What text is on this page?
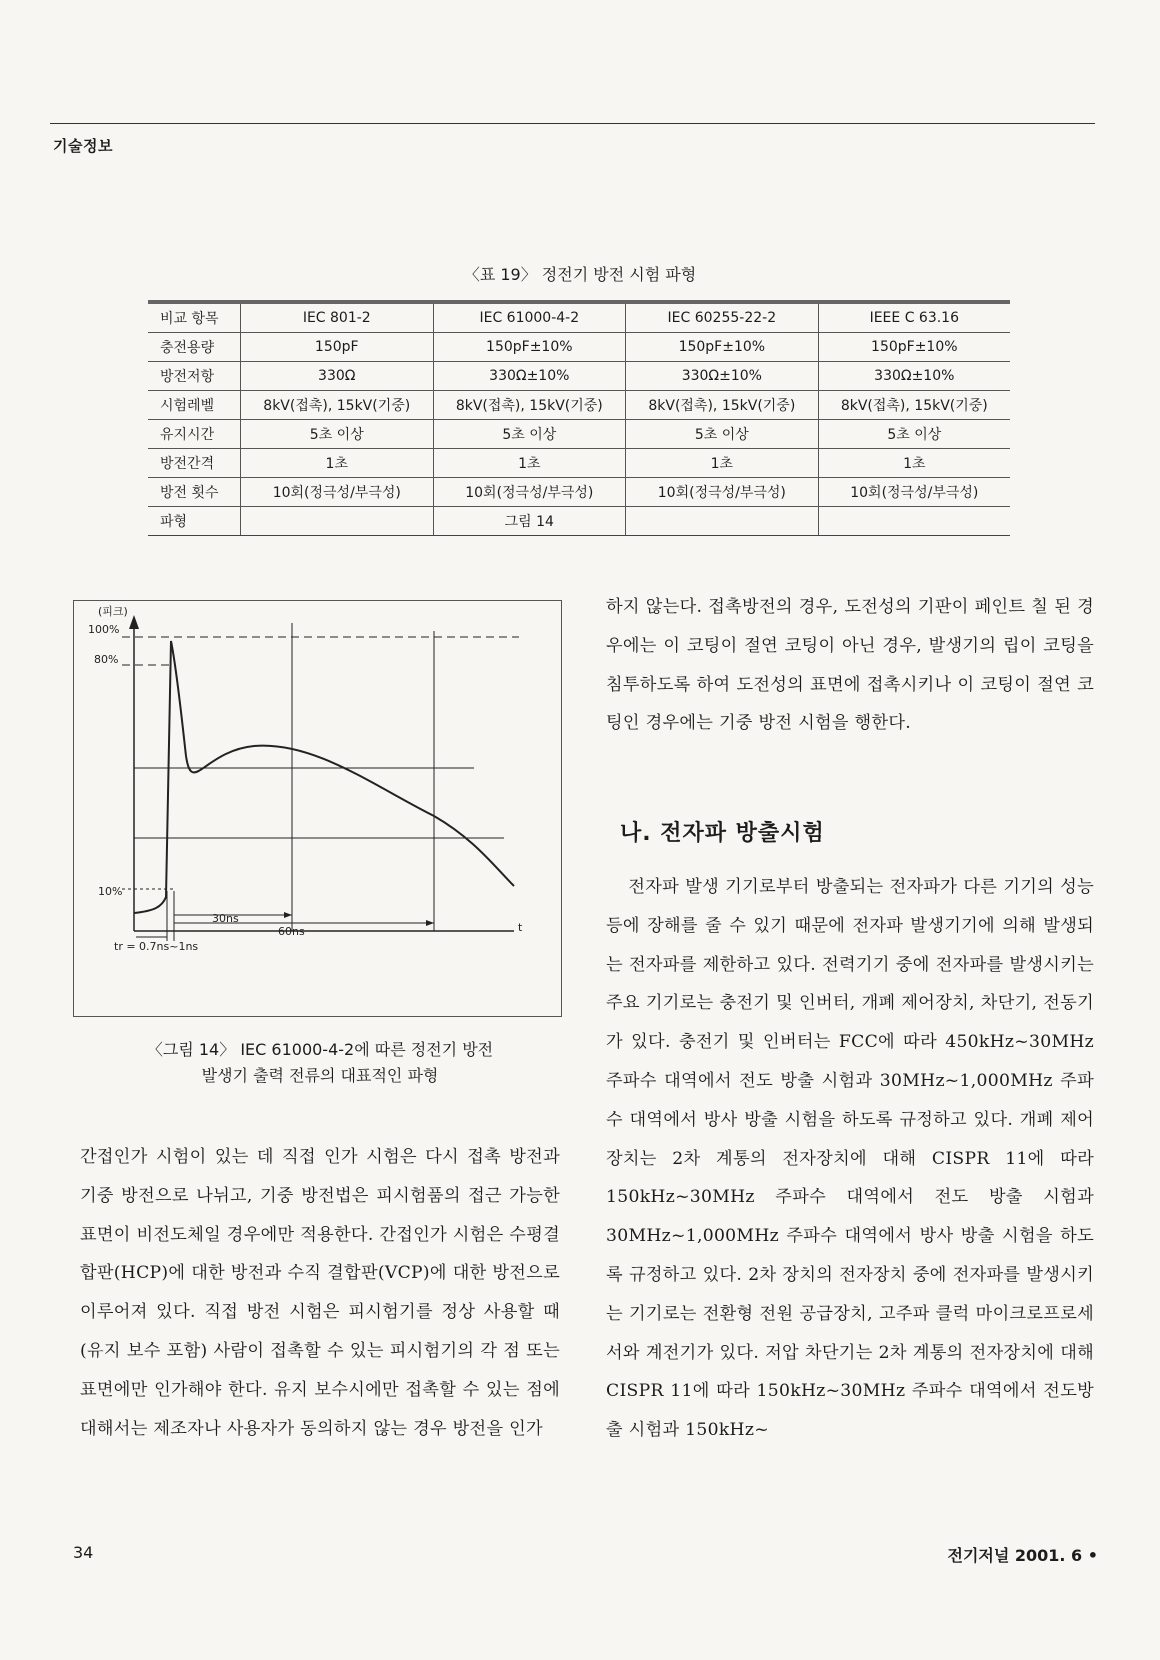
기술정보
〈표 19〉 정전기 방전 시험 파형
비교 항목	IEC 801-2	IEC 61000-4-2	IEC 60255-22-2	IEEE C 63.16
충전용량	150pF	150pF±10%	150pF±10%	150pF±10%
방전저항	330Ω	330Ω±10%	330Ω±10%	330Ω±10%
시험레벨	8kV(접촉), 15kV(기중)	8kV(접촉), 15kV(기중)	8kV(접촉), 15kV(기중)	8kV(접촉), 15kV(기중)
유지시간	5초 이상	5초 이상	5초 이상	5초 이상
방전간격	1초	1초	1초	1초
방전 횟수	10회(정극성/부극성)	10회(정극성/부극성)	10회(정극성/부극성)	10회(정극성/부극성)
파형		그림 14		
(피크)
100%
80%
10%
30ns
60ns
tr = 0.7ns~1ns
t
〈그림 14〉 IEC 61000-4-2에 따른 정전기 방전
발생기 출력 전류의 대표적인 파형

간접인가 시험이 있는 데 직접 인가 시험은 다시 접촉 방전과 기중 방전으로 나뉘고, 기중 방전법은 피시험품의 접근 가능한 표면이 비전도체일 경우에만 적용한다. 간접인가 시험은 수평결합판(HCP)에 대한 방전과 수직 결합판(VCP)에 대한 방전으로 이루어져 있다. 직접 방전 시험은 피시험기를 정상 사용할 때(유지 보수 포함) 사람이 접촉할 수 있는 피시험기의 각 점 또는 표면에만 인가해야 한다. 유지 보수시에만 접촉할 수 있는 점에 대해서는 제조자나 사용자가 동의하지 않는 경우 방전을 인가

하지 않는다. 접촉방전의 경우, 도전성의 기판이 페인트 칠 된 경우에는 이 코팅이 절연 코팅이 아닌 경우, 발생기의 립이 코팅을 침투하도록 하여 도전성의 표면에 접촉시키나 이 코팅이 절연 코팅인 경우에는 기중 방전 시험을 행한다.

나. 전자파 방출시험

전자파 발생 기기로부터 방출되는 전자파가 다른 기기의 성능 등에 장해를 줄 수 있기 때문에 전자파 발생기기에 의해 발생되는 전자파를 제한하고 있다. 전력기기 중에 전자파를 발생시키는 주요 기기로는 충전기 및 인버터, 개폐 제어장치, 차단기, 전동기가 있다. 충전기 및 인버터는 FCC에 따라 450kHz~30MHz 주파수 대역에서 전도 방출 시험과 30MHz~1,000MHz 주파수 대역에서 방사 방출 시험을 하도록 규정하고 있다. 개폐 제어장치는 2차 계통의 전자장치에 대해 CISPR 11에 따라 150kHz~30MHz 주파수 대역에서 전도 방출 시험과 30MHz~1,000MHz 주파수 대역에서 방사 방출 시험을 하도록 규정하고 있다. 2차 장치의 전자장치 중에 전자파를 발생시키는 기기로는 전환형 전원 공급장치, 고주파 클럭 마이크로프로세서와 계전기가 있다. 저압 차단기는 2차 계통의 전자장치에 대해 CISPR 11에 따라 150kHz~30MHz 주파수 대역에서 전도방출 시험과 150kHz~

34	전기저널 2001. 6 •
